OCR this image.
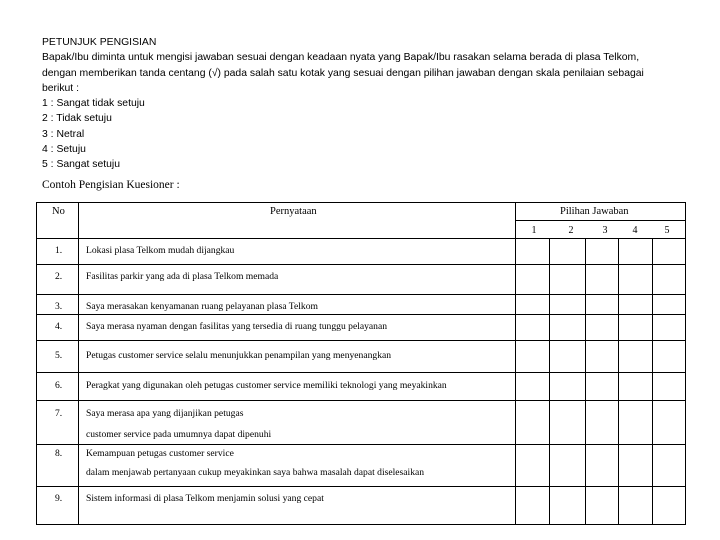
PETUNJUK PENGISIAN
Bapak/Ibu diminta untuk mengisi jawaban sesuai dengan keadaan nyata yang Bapak/Ibu rasakan selama berada di plasa Telkom,
dengan memberikan tanda centang (√) pada salah satu kotak yang sesuai dengan pilihan jawaban dengan skala penilaian sebagai
berikut :
1 : Sangat tidak setuju
2 : Tidak setuju
3 : Netral
4 : Setuju
5 : Sangat setuju
Contoh Pengisian Kuesioner :
No	Pernyataan	Pilihan Jawaban
1	2	3	4	5
1. Lokasi plasa Telkom mudah dijangkau
2. Fasilitas parkir yang ada di plasa Telkom memada
3. Saya merasakan kenyamanan ruang pelayanan plasa Telkom
4. Saya merasa nyaman dengan fasilitas yang tersedia di ruang tunggu pelayanan
5. Petugas customer service selalu menunjukkan penampilan yang menyenangkan
6. Peragkat yang digunakan oleh petugas customer service memiliki teknologi yang meyakinkan
7. Saya merasa apa yang dijanjikan petugas
customer service pada umumnya dapat dipenuhi
8. Kemampuan petugas customer service
dalam menjawab pertanyaan cukup meyakinkan saya bahwa masalah dapat diselesaikan
9. Sistem informasi di plasa Telkom menjamin solusi yang cepat
